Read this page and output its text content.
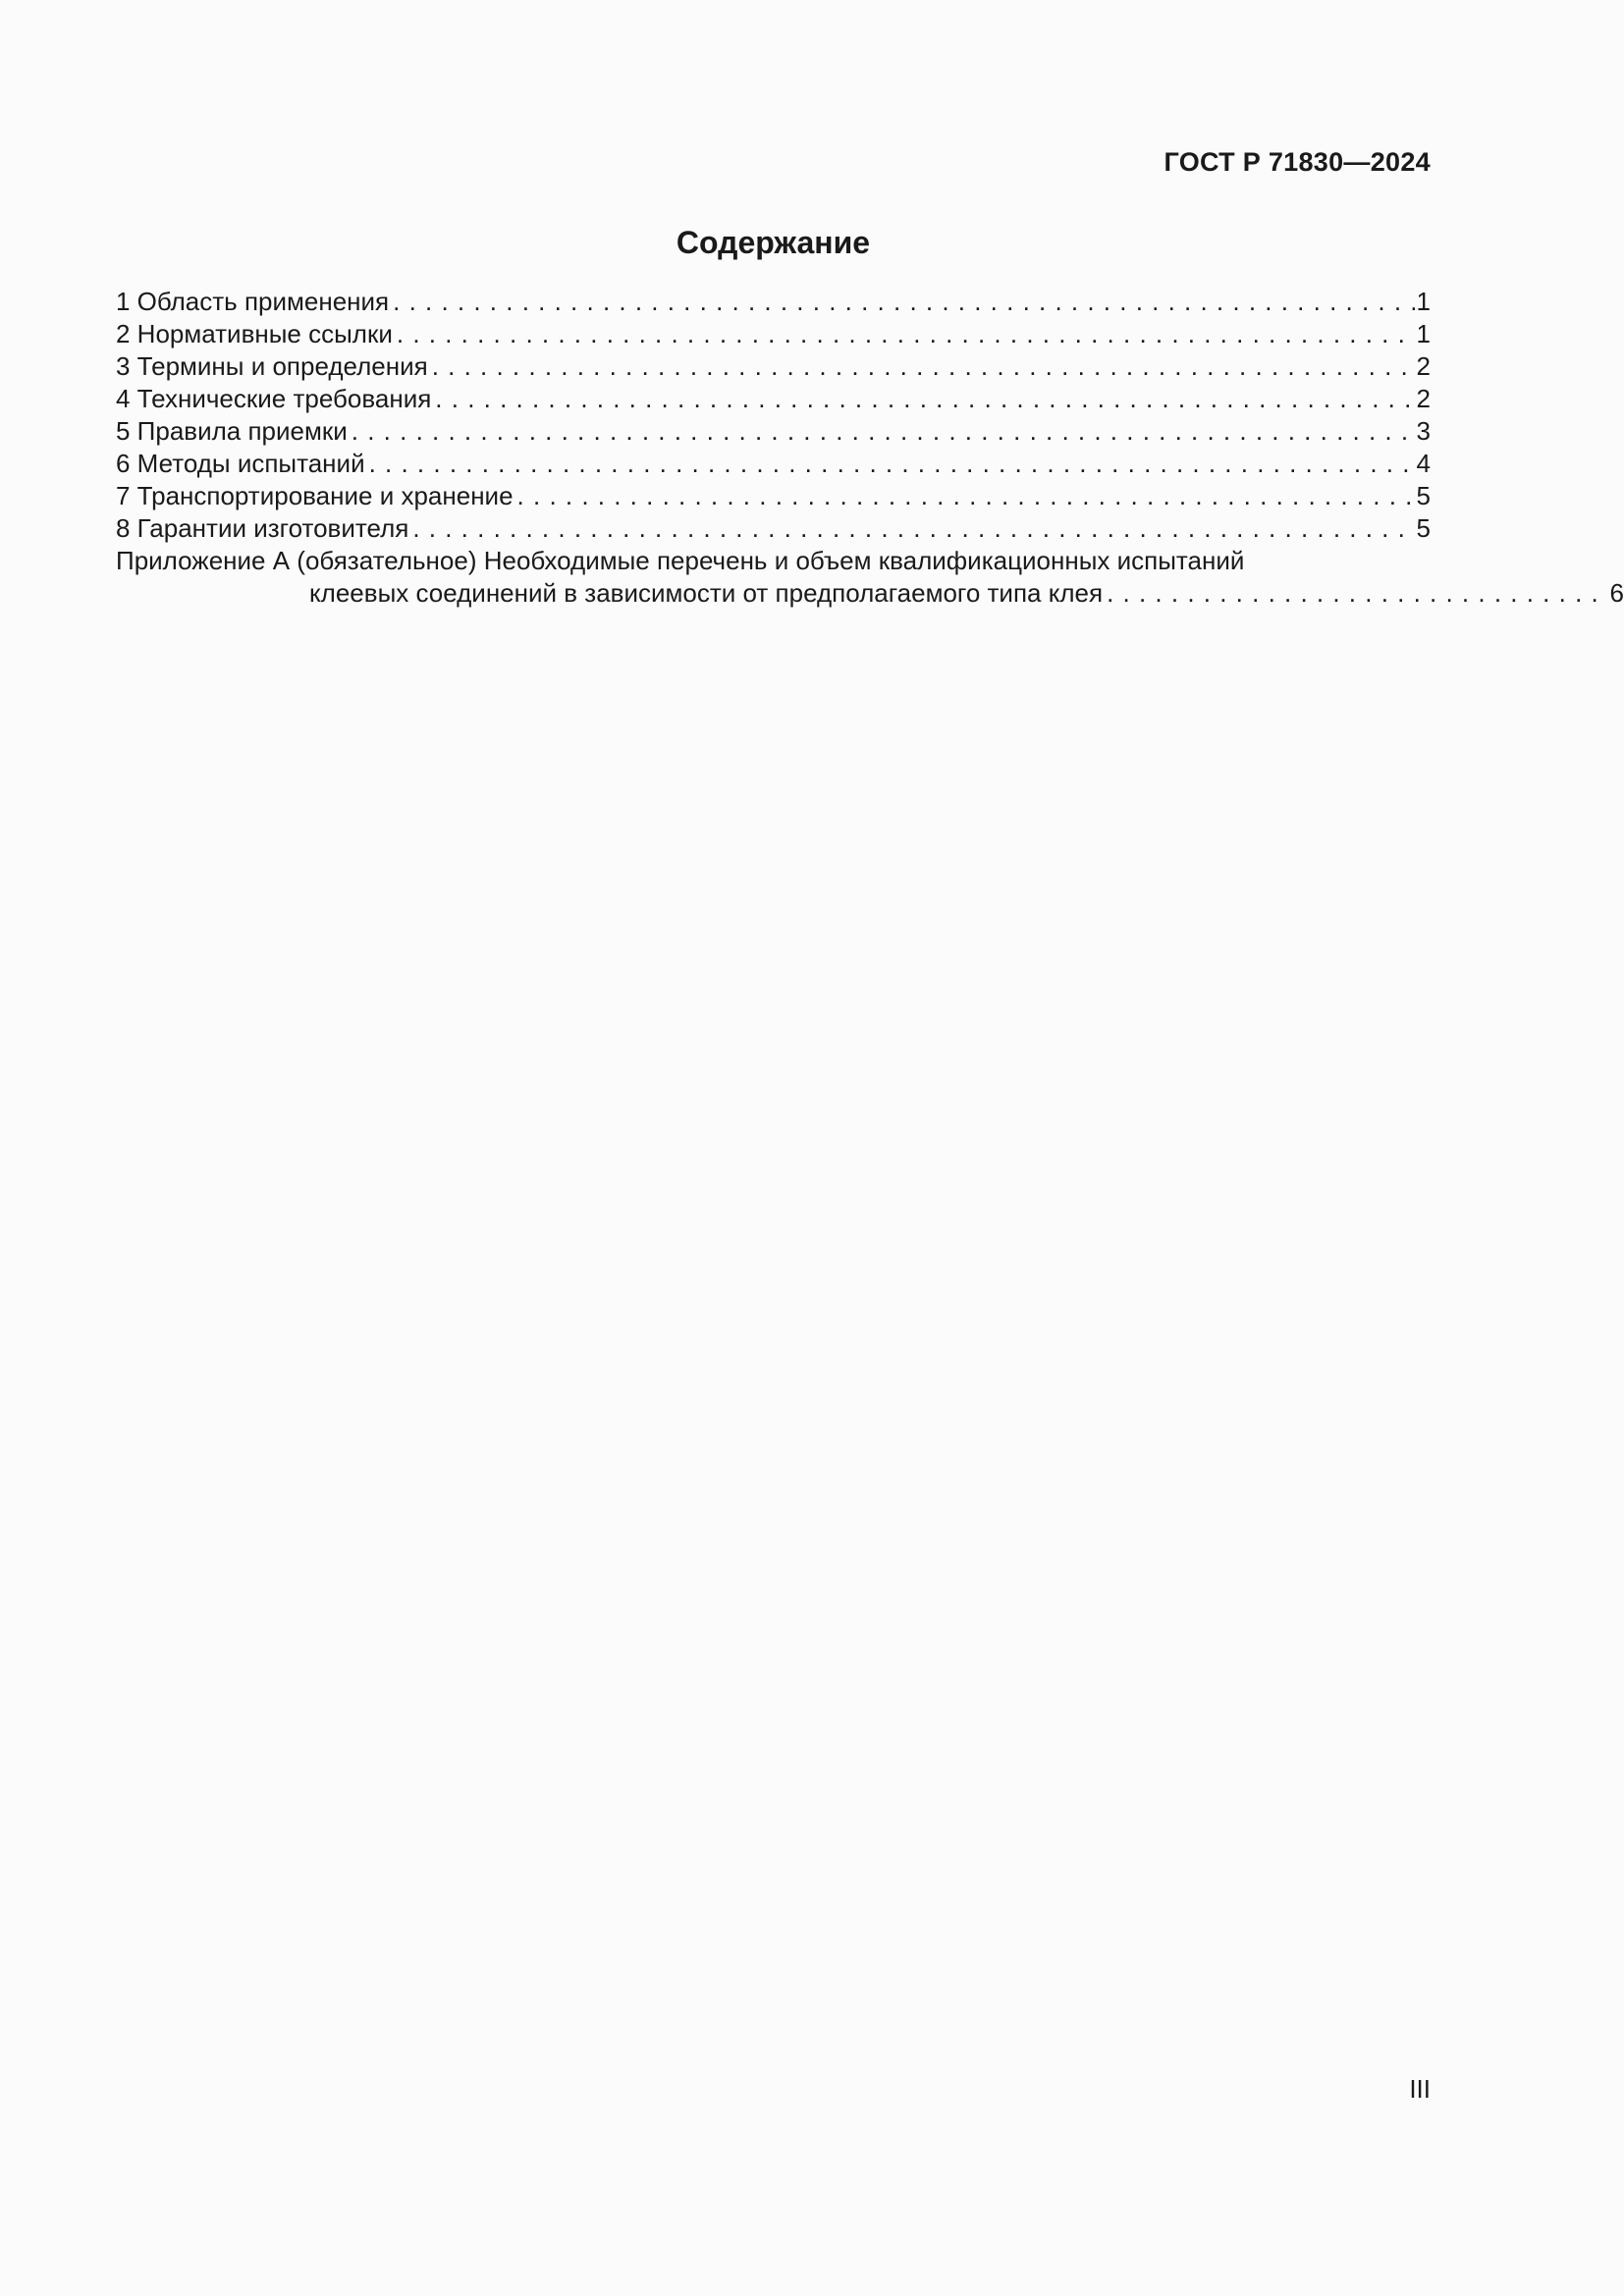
ГОСТ Р 71830—2024
Содержание
1 Область применения . . .	1
2 Нормативные ссылки . . .	1
3 Термины и определения . . .	2
4 Технические требования . . .	2
5 Правила приемки . . .	3
6 Методы испытаний . . .	4
7 Транспортирование и хранение . . .	5
8 Гарантии изготовителя . . .	5
Приложение А (обязательное) Необходимые перечень и объем квалификационных испытаний
клеевых соединений в зависимости от предполагаемого типа клея . . .	6
III
